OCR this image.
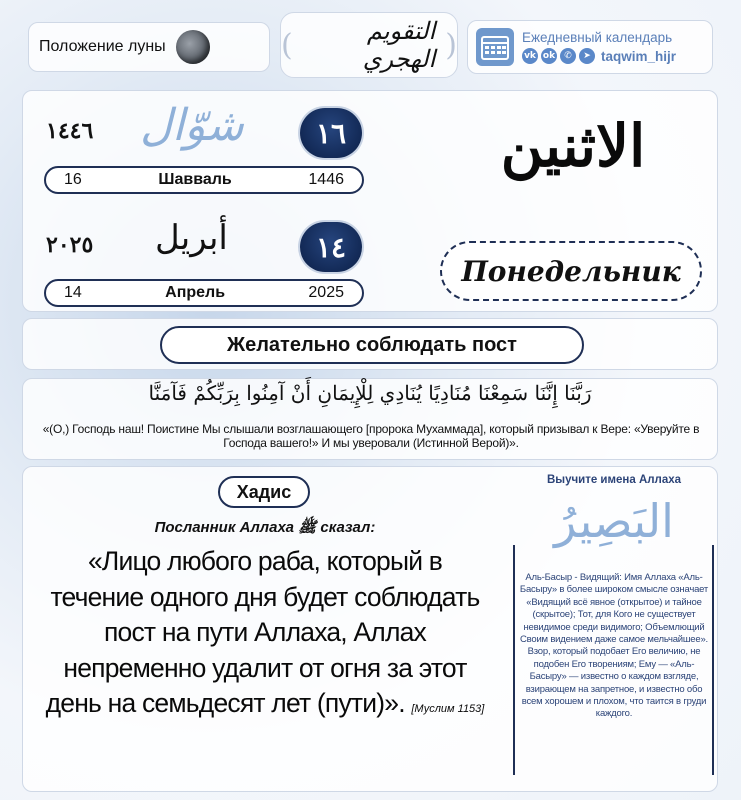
Положение луны	(	التقويم الهجري )	Ежедневный календарь
vk ok	✆	➤ taqwim_hijr
١٤٤٦ شوّال	١٦
16	Шавваль	1446
٢٠٢٥ أبريل	١٤
14	Апрель	2025
الاثنين
Понедельник
Желательно соблюдать пост
رَبَّنَا إِنَّنَا سَمِعْنَا مُنَادِيًا يُنَادِي لِلْإِيمَانِ أَنْ آمِنُوا بِرَبِّكُمْ فَآمَنَّا
«(О,) Господь наш! Поистине Мы слышали возглашающего [пророка Мухаммада], который призывал к Вере: «Уверуйте в Господа вашего!» И мы уверовали (Истинной Верой)».
Хадис
Посланник Аллаха ﷺ сказал:
«Лицо любого раба, который в течение одного дня будет соблюдать пост на пути Аллаха, Аллах непременно удалит от огня за этот день на семьдесят лет (пути)». [Муслим 1153]
Выучите имена Аллаха
البَصِيرُ
Аль-Басыр - Видящий: Имя Аллаха «Аль-Басыру» в более широком смысле означает «Видящий всё явное (открытое) и тайное (скрытое); Тот, для Кого не существует невидимое среди видимого; Объемлющий Своим видением даже самое мельчайшее». Взор, который подобает Его величию, не подобен Его творениям; Ему — «Аль-Басыру» — известно о каждом взгляде, взирающем на запретное, и известно обо всем хорошем и плохом, что таится в груди каждого.
